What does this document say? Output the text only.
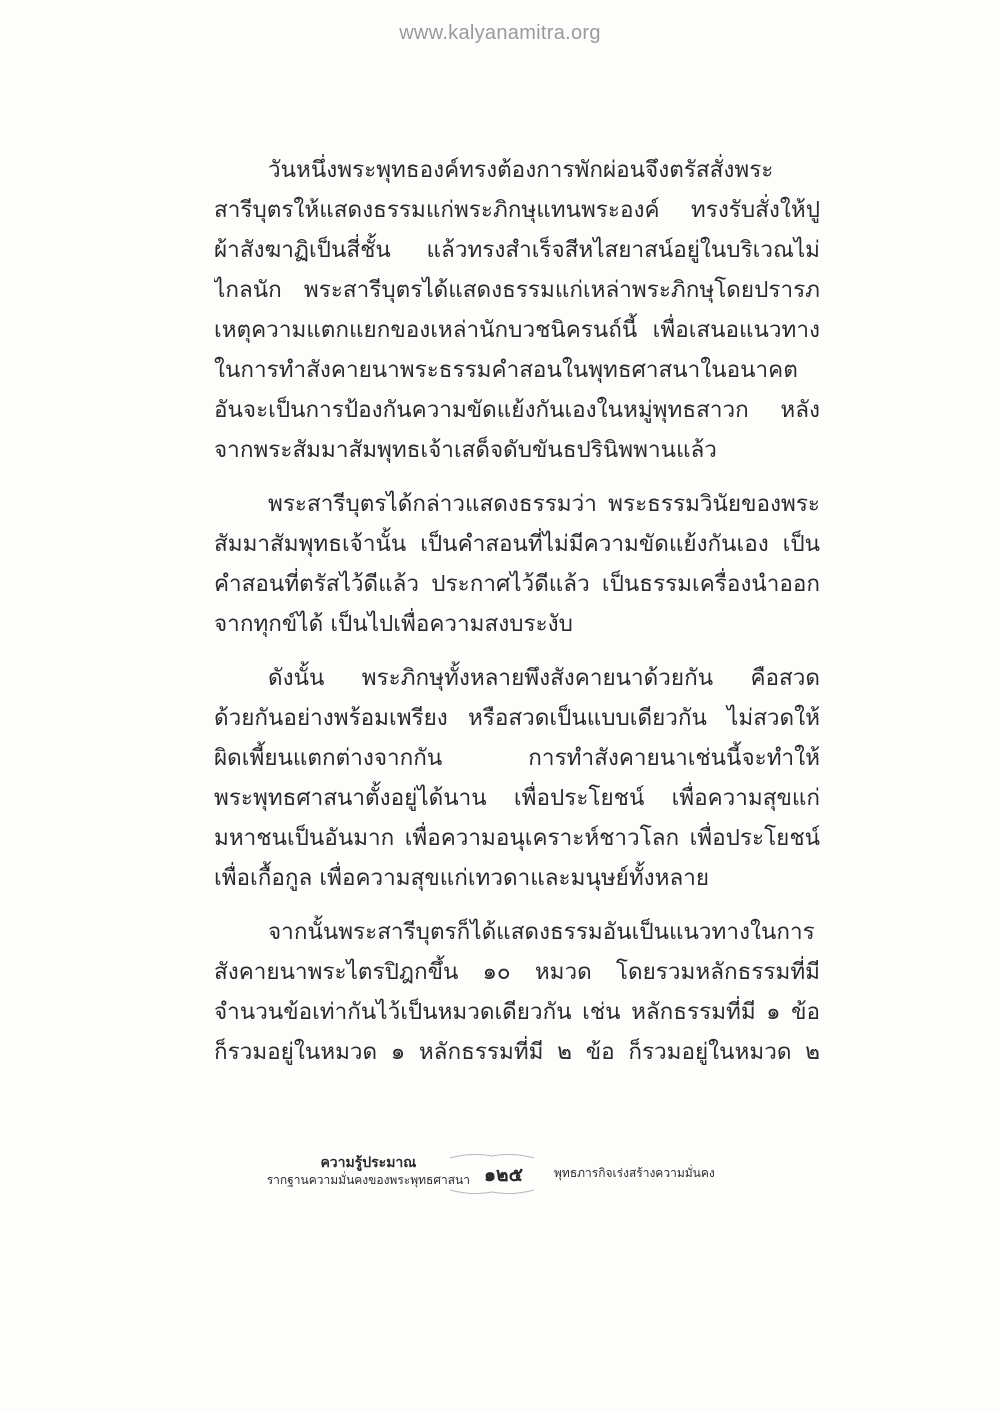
www.kalyanamitra.org
วันหนึ่งพระพุทธองค์ทรงต้องการพักผ่อนจึงตรัสสั่งพระ
สารีบุตรให้แสดงธรรมแก่พระภิกษุแทนพระองค์ ทรงรับสั่งให้ปู
ผ้าสังฆาฏิเป็นสี่ชั้น แล้วทรงสำเร็จสีหไสยาสน์อยู่ในบริเวณไม่
ไกลนัก พระสารีบุตรได้แสดงธรรมแก่เหล่าพระภิกษุโดยปรารภ
เหตุความแตกแยกของเหล่านักบวชนิครนถ์นี้ เพื่อเสนอแนวทาง
ในการทำสังคายนาพระธรรมคำสอนในพุทธศาสนาในอนาคต
อันจะเป็นการป้องกันความขัดแย้งกันเองในหมู่พุทธสาวก หลัง
จากพระสัมมาสัมพุทธเจ้าเสด็จดับขันธปรินิพพานแล้ว
พระสารีบุตรได้กล่าวแสดงธรรมว่า พระธรรมวินัยของพระ
สัมมาสัมพุทธเจ้านั้น เป็นคำสอนที่ไม่มีความขัดแย้งกันเอง เป็น
คำสอนที่ตรัสไว้ดีแล้ว ประกาศไว้ดีแล้ว เป็นธรรมเครื่องนำออก
จากทุกข์ได้ เป็นไปเพื่อความสงบระงับ
ดังนั้น พระภิกษุทั้งหลายพึงสังคายนาด้วยกัน คือสวด
ด้วยกันอย่างพร้อมเพรียง หรือสวดเป็นแบบเดียวกัน ไม่สวดให้
ผิดเพี้ยนแตกต่างจากกัน การทำสังคายนาเช่นนี้จะทำให้
พระพุทธศาสนาตั้งอยู่ได้นาน เพื่อประโยชน์ เพื่อความสุขแก่
มหาชนเป็นอันมาก เพื่อความอนุเคราะห์ชาวโลก เพื่อประโยชน์
เพื่อเกื้อกูล เพื่อความสุขแก่เทวดาและมนุษย์ทั้งหลาย
จากนั้นพระสารีบุตรก็ได้แสดงธรรมอันเป็นแนวทางในการ
สังคายนาพระไตรปิฎกขึ้น ๑๐ หมวด โดยรวมหลักธรรมที่มี
จำนวนข้อเท่ากันไว้เป็นหมวดเดียวกัน เช่น หลักธรรมที่มี ๑ ข้อ
ก็รวมอยู่ในหมวด ๑ หลักธรรมที่มี ๒ ข้อ ก็รวมอยู่ในหมวด ๒
ความรู้ประมาณ
รากฐานความมั่นคงของพระพุทธศาสนา ๑๒๕	พุทธภารกิจเร่งสร้างความมั่นคง
